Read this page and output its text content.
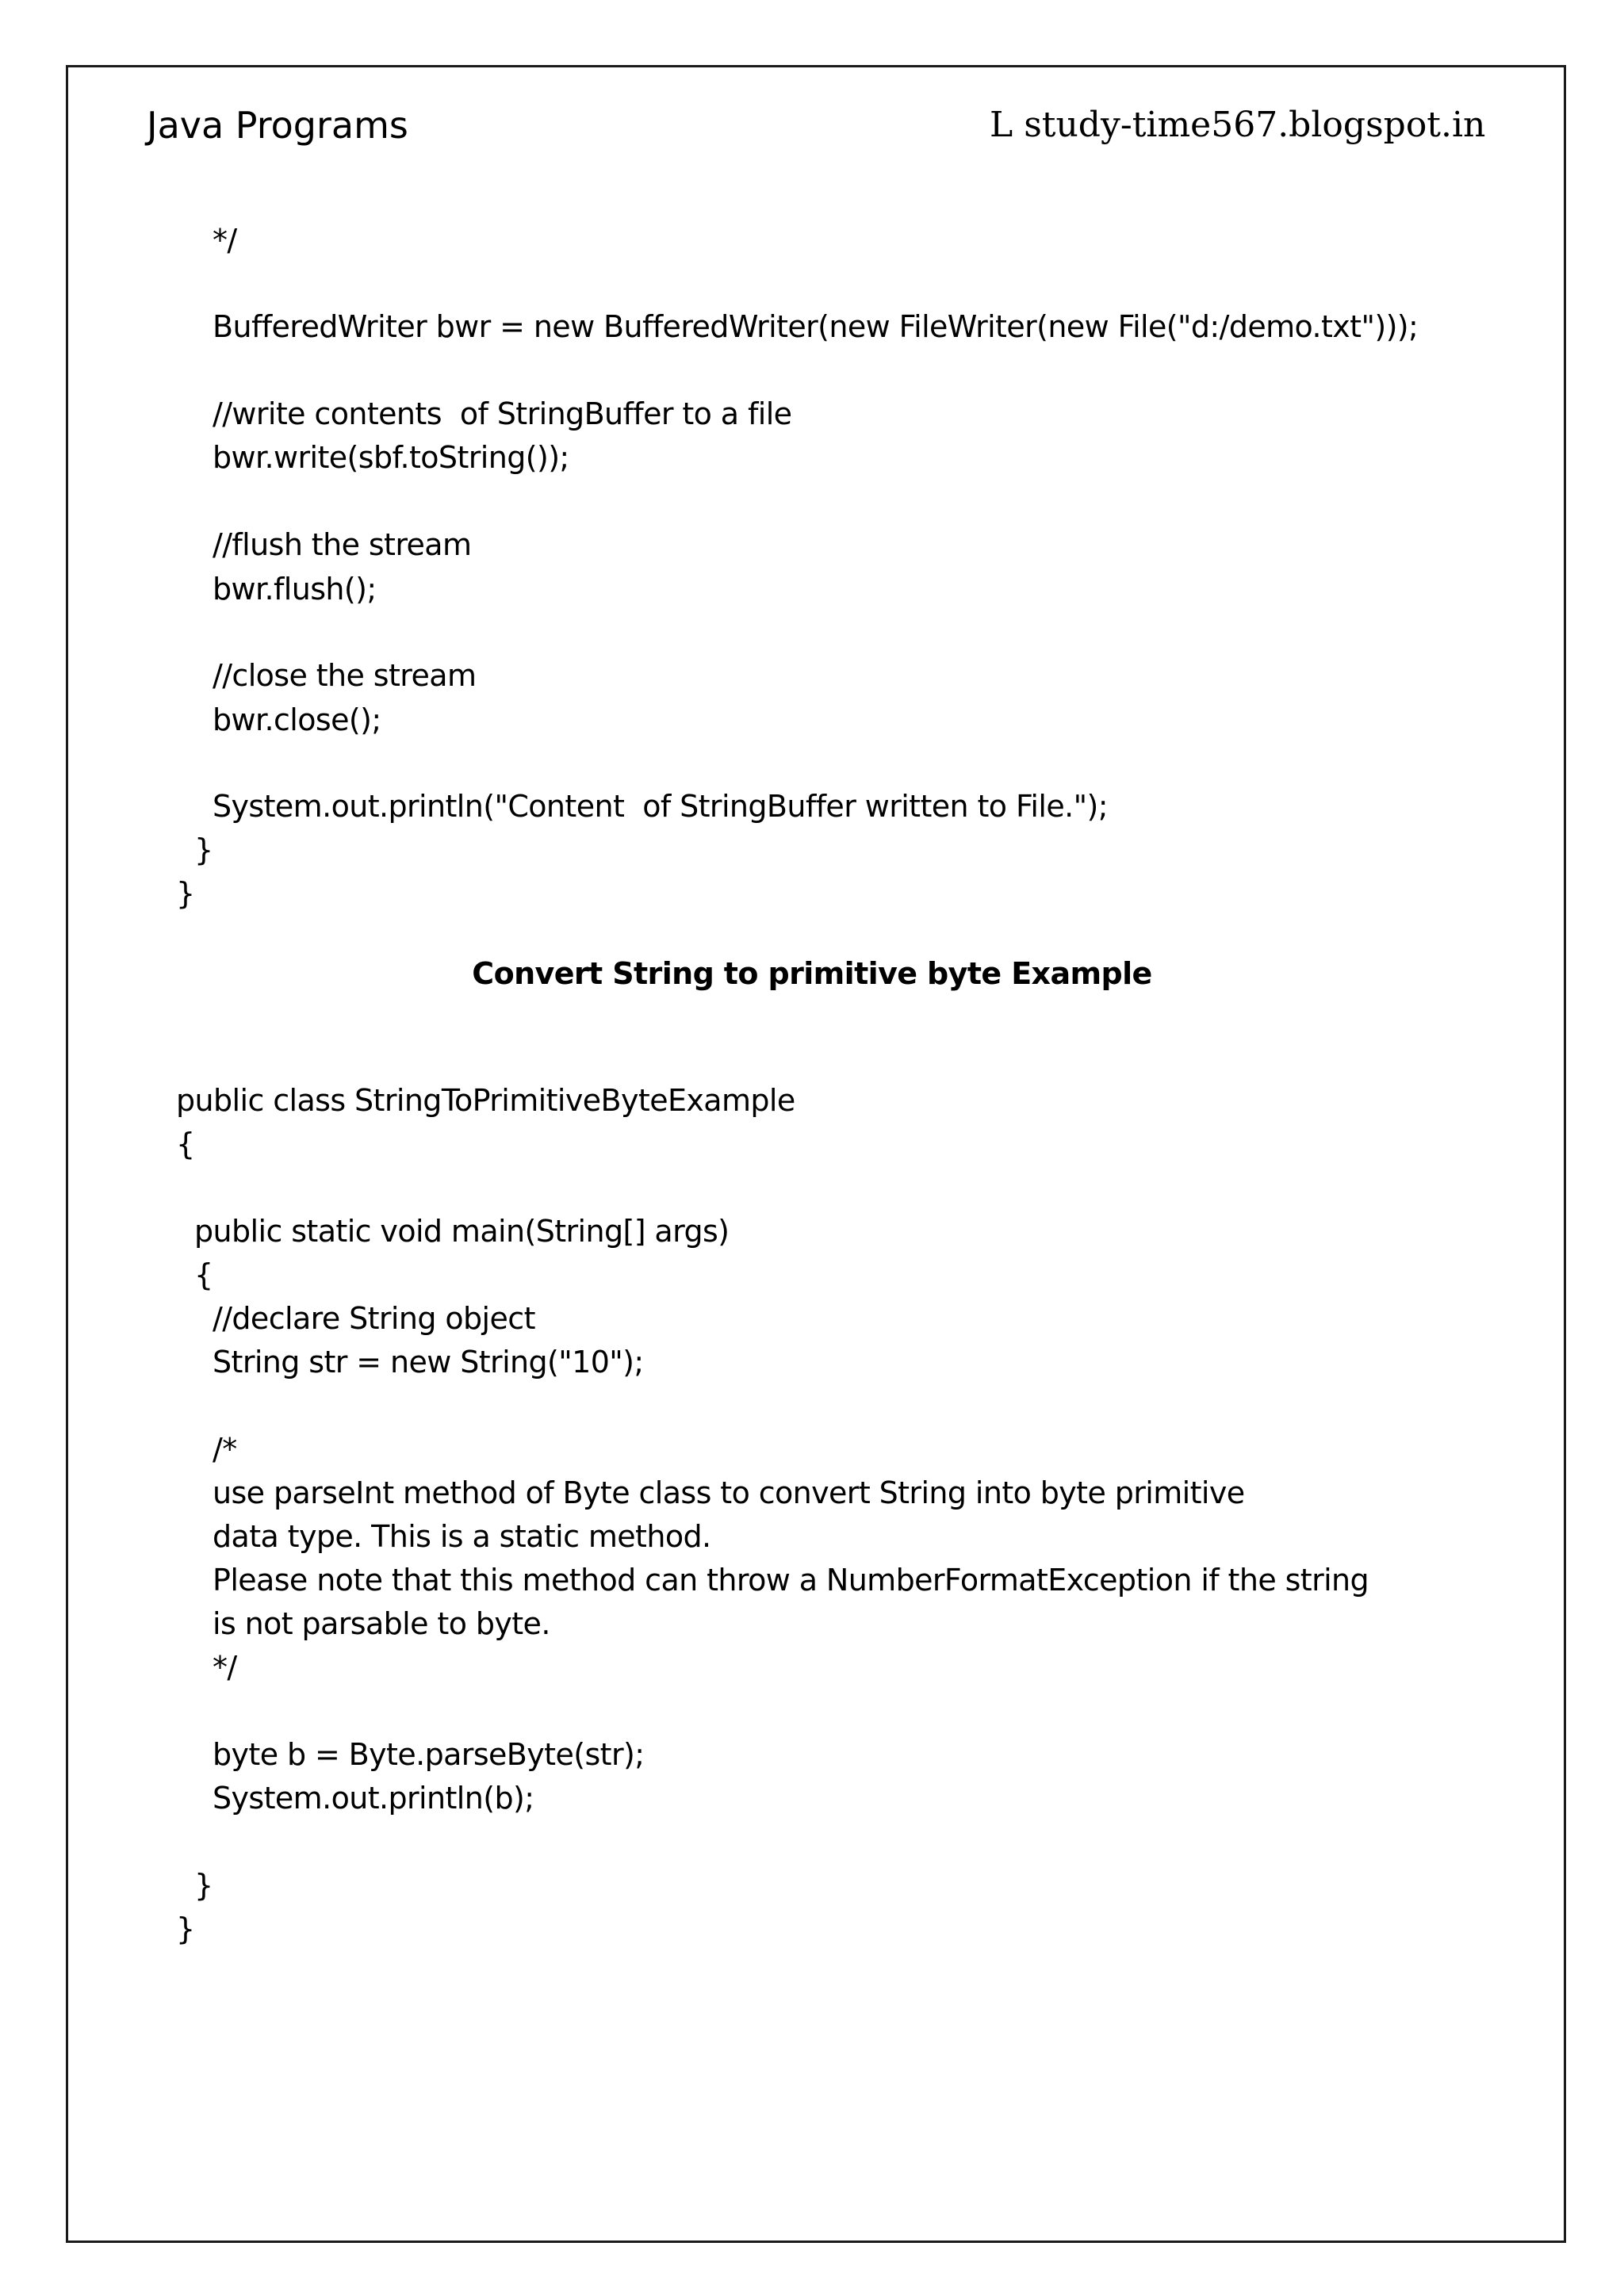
Java Programs	L study-time567.blogspot.in
*/
BufferedWriter bwr = new BufferedWriter(new FileWriter(new File("d:/demo.txt")));
//write contents  of StringBuffer to a file
bwr.write(sbf.toString());
//flush the stream
bwr.flush();
//close the stream
bwr.close();
System.out.println("Content  of StringBuffer written to File.");
}
}
Convert String to primitive byte Example
public class StringToPrimitiveByteExample
{
public static void main(String[] args)
{
//declare String object
String str = new String("10");
/*
use parseInt method of Byte class to convert String into byte primitive
data type. This is a static method.
Please note that this method can throw a NumberFormatException if the string
is not parsable to byte.
*/
byte b = Byte.parseByte(str);
System.out.println(b);
}
}
